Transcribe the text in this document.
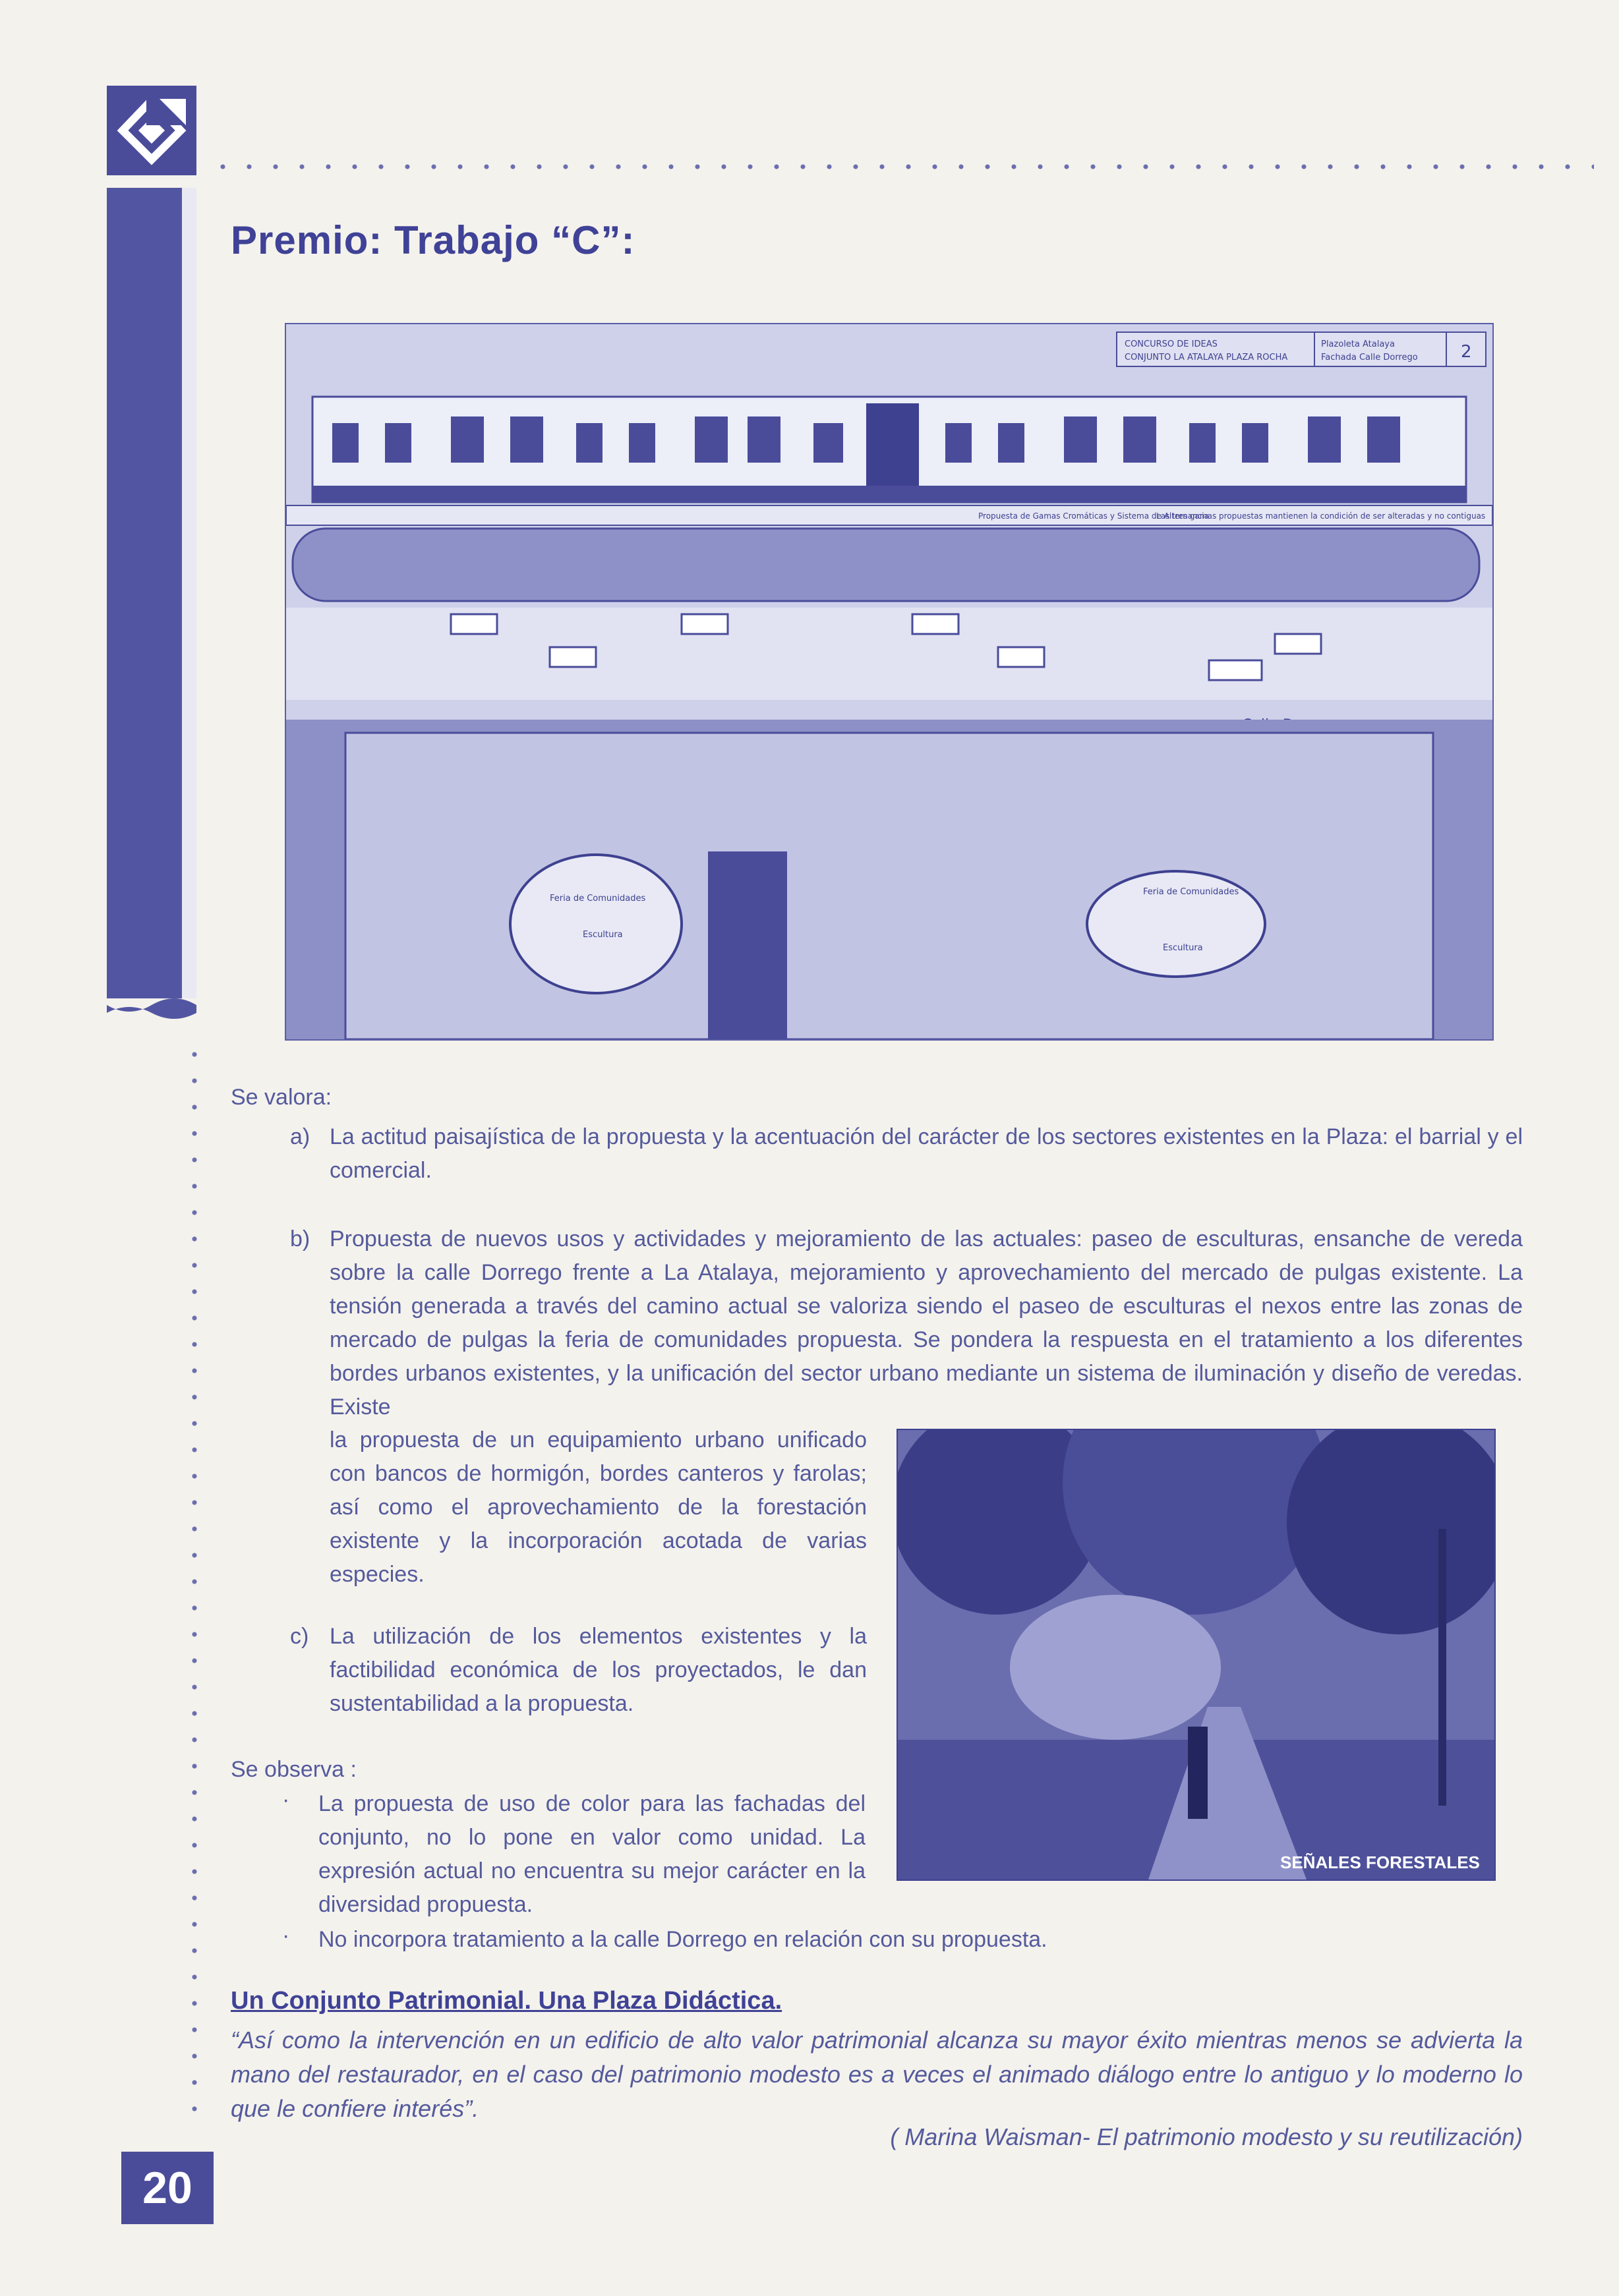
Premio: Trabajo “C”:
CONCURSO DE IDEAS
CONJUNTO LA ATALAYA PLAZA ROCHA
Plazoleta Atalaya
Fachada Calle Dorrego	2
Propuesta de Gamas Cromáticas y Sistema de Alternancia
Las tres gamas propuestas mantienen la condición de ser alteradas y no contiguas
Feria de Comunidades
Escultura
Feria de Comunidades
Escultura
Se valora:
a) La actitud paisajística de la propuesta y la acentuación del carácter de los sectores existentes en la Plaza: el barrial y el comercial.
b) Propuesta de nuevos usos y actividades y mejoramiento de las actuales: paseo de esculturas, ensanche de vereda sobre la calle Dorrego frente a La Atalaya, mejoramiento y aprovechamiento del mercado de pulgas existente. La tensión generada a través del camino actual se valoriza siendo el paseo de esculturas el nexos entre las zonas de mercado de pulgas la feria de comunidades propuesta. Se pondera la respuesta en el tratamiento a los diferentes bordes urbanos existentes, y la unificación del sector urbano mediante un sistema de iluminación y diseño de veredas. Existe
la propuesta de un equipamiento urbano unificado con bancos de hormigón, bordes canteros y farolas; así como el aprovechamiento de la forestación existente y la incorporación acotada de varias especies.
c) La utilización de los elementos existentes y la factibilidad económica de los proyectados, le dan sustentabilidad a la propuesta.
SEÑALES FORESTALES
Se observa :
· La propuesta de uso de color para las fachadas del conjunto, no lo pone en valor como unidad. La expresión actual no encuentra su mejor carácter en la diversidad propuesta.
· No incorpora tratamiento a la calle Dorrego en relación con su propuesta.
Un Conjunto Patrimonial. Una Plaza Didáctica.
“Así como la intervención en un edificio de alto valor patrimonial alcanza su mayor éxito mientras menos se advierta la mano del restaurador, en el caso del patrimonio modesto es a veces el animado diálogo entre lo antiguo y lo moderno lo que le confiere interés”.
( Marina Waisman- El patrimonio modesto y su reutilización)
20
